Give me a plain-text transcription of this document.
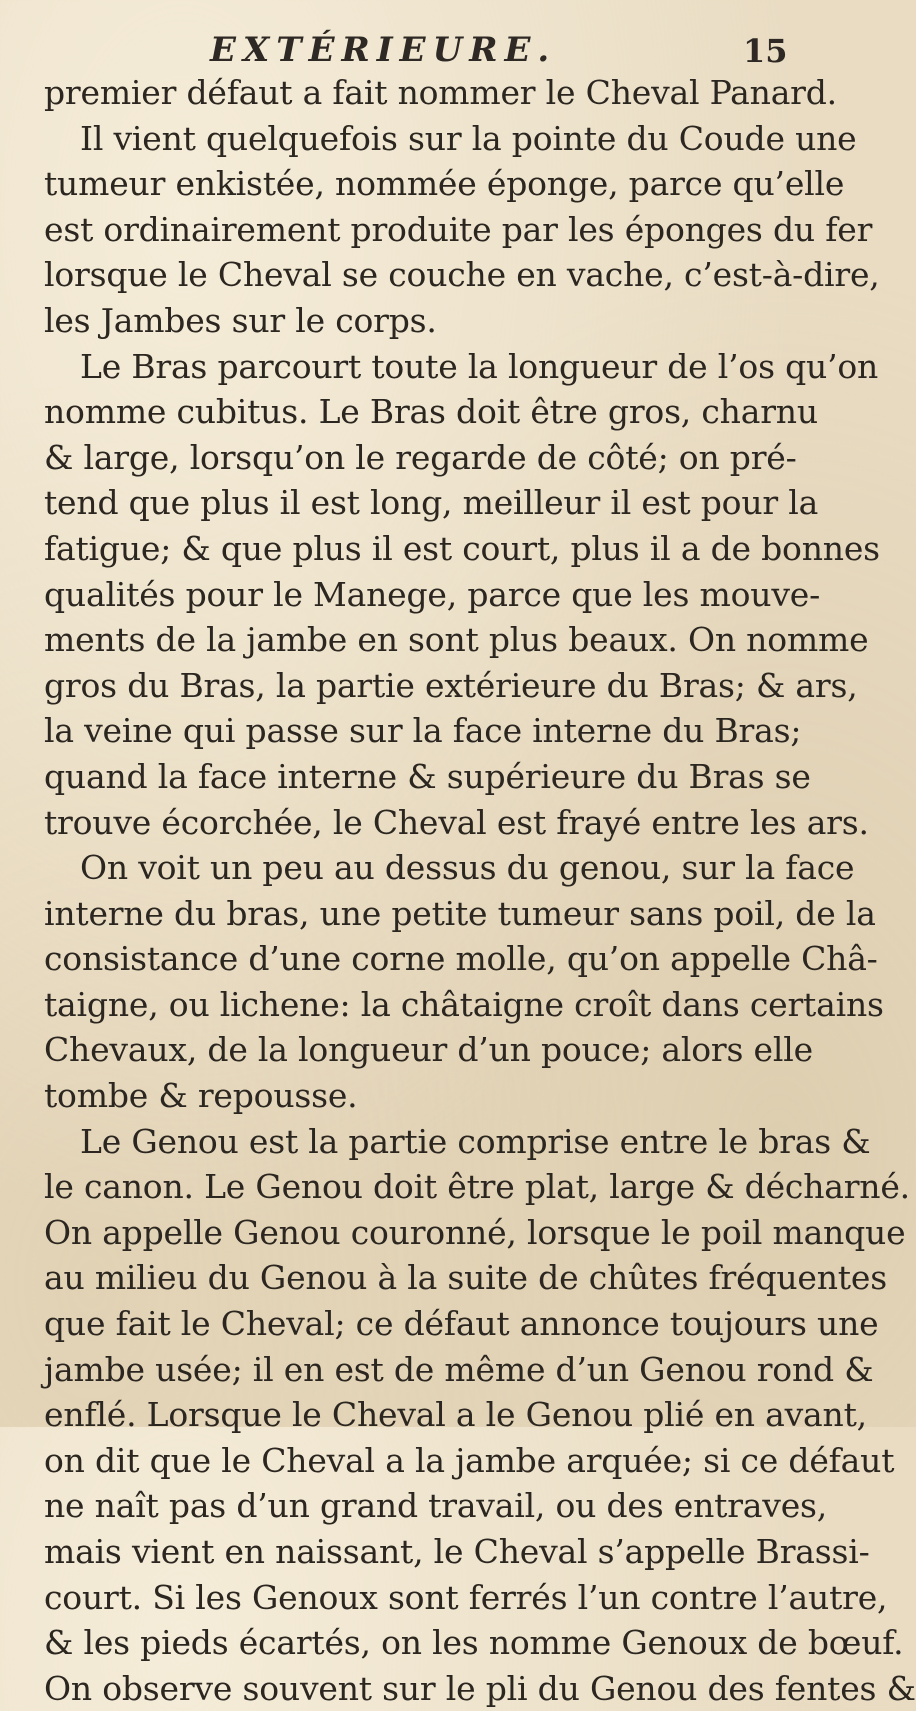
EXTÉRIEURE.	15
premier défaut a fait nommer le Cheval Panard.
Il vient quelquefois sur la pointe du Coude une
tumeur enkistée, nommée éponge, parce qu’elle
est ordinairement produite par les éponges du fer
lorsque le Cheval se couche en vache, c’est-à-dire,
les Jambes sur le corps.
Le Bras parcourt toute la longueur de l’os qu’on
nomme cubitus. Le Bras doit être gros, charnu
& large, lorsqu’on le regarde de côté; on pré-
tend que plus il est long, meilleur il est pour la
fatigue; & que plus il est court, plus il a de bonnes
qualités pour le Manege, parce que les mouve-
ments de la jambe en sont plus beaux. On nomme
gros du Bras, la partie extérieure du Bras; & ars,
la veine qui passe sur la face interne du Bras;
quand la face interne & supérieure du Bras se
trouve écorchée, le Cheval est frayé entre les ars.
On voit un peu au dessus du genou, sur la face
interne du bras, une petite tumeur sans poil, de la
consistance d’une corne molle, qu’on appelle Châ-
taigne, ou lichene: la châtaigne croît dans certains
Chevaux, de la longueur d’un pouce; alors elle
tombe & repousse.
Le Genou est la partie comprise entre le bras &
le canon. Le Genou doit être plat, large & décharné.
On appelle Genou couronné, lorsque le poil manque
au milieu du Genou à la suite de chûtes fréquentes
que fait le Cheval; ce défaut annonce toujours une
jambe usée; il en est de même d’un Genou rond &
enflé. Lorsque le Cheval a le Genou plié en avant,
on dit que le Cheval a la jambe arquée; si ce défaut
ne naît pas d’un grand travail, ou des entraves,
mais vient en naissant, le Cheval s’appelle Brassi-
court. Si les Genoux sont ferrés l’un contre l’autre,
& les pieds écartés, on les nomme Genoux de bœuf.
On observe souvent sur le pli du Genou des fentes &
